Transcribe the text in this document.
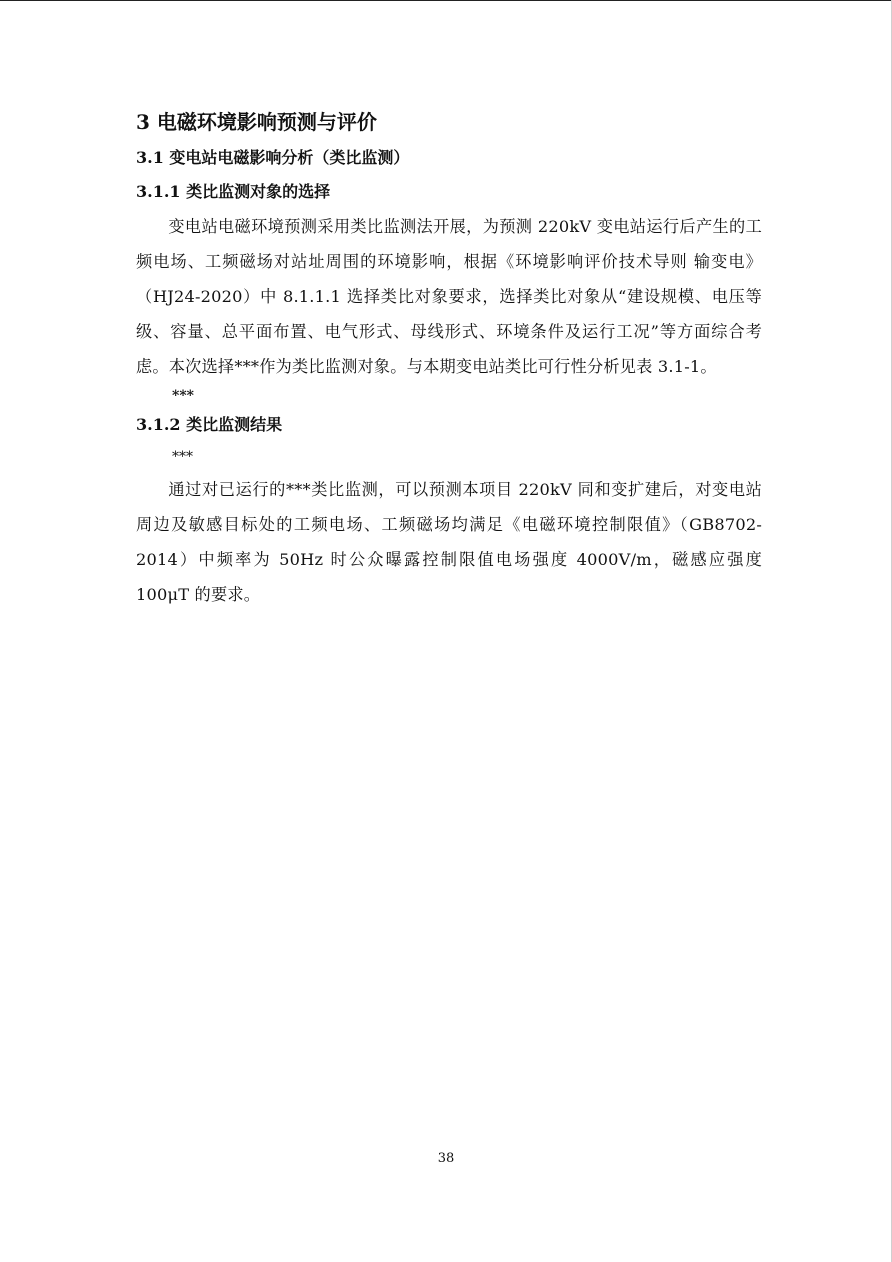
3 电磁环境影响预测与评价
3.1 变电站电磁影响分析（类比监测）
3.1.1 类比监测对象的选择

变电站电磁环境预测采用类比监测法开展，为预测 220kV 变电站运行后产生的工频电场、工频磁场对站址周围的环境影响，根据《环境影响评价技术导则 输变电》（HJ24-2020）中 8.1.1.1 选择类比对象要求，选择类比对象从“建设规模、电压等级、容量、总平面布置、电气形式、母线形式、环境条件及运行工况”等方面综合考虑。本次选择***作为类比监测对象。与本期变电站类比可行性分析见表 3.1-1。

***
3.1.2 类比监测结果
***

通过对已运行的***类比监测，可以预测本项目 220kV 同和变扩建后，对变电站周边及敏感目标处的工频电场、工频磁场均满足《电磁环境控制限值》（GB8702-2014）中频率为 50Hz 时公众曝露控制限值电场强度 4000V/m，磁感应强度 100μT 的要求。

38
